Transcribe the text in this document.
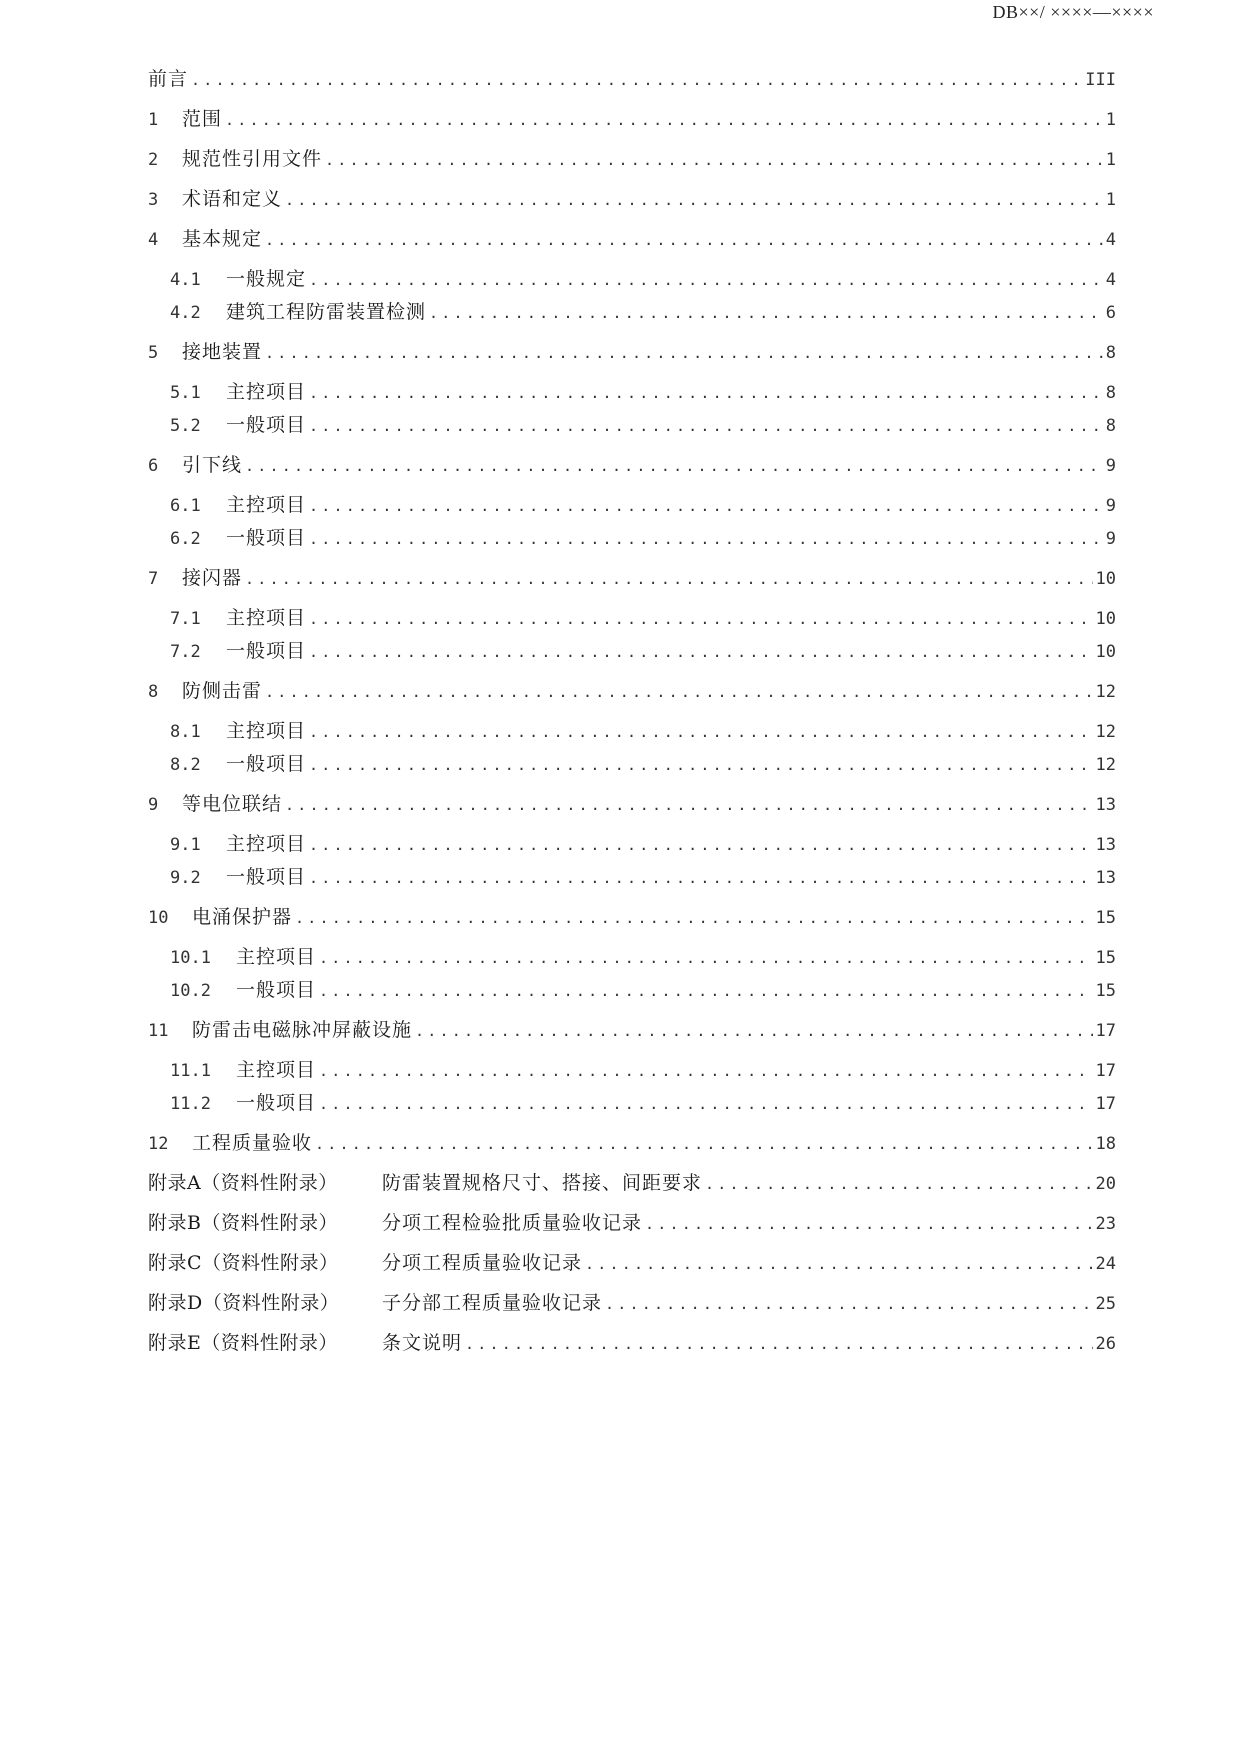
DB××/ ××××—××××
前言 .....	III
1	范围 .....	1
2	规范性引用文件 .....	1
3	术语和定义 .....	1
4	基本规定 .....	4
4.1	一般规定 .....	4
4.2	建筑工程防雷装置检测 .....	6
5	接地装置 .....	8
5.1	主控项目 .....	8
5.2	一般项目 .....	8
6	引下线 .....	9
6.1	主控项目 .....	9
6.2	一般项目 .....	9
7	接闪器 .....	10
7.1	主控项目 .....	10
7.2	一般项目 .....	10
8	防侧击雷 .....	12
8.1	主控项目 .....	12
8.2	一般项目 .....	12
9	等电位联结 .....	13
9.1	主控项目 .....	13
9.2	一般项目 .....	13
10	电涌保护器 .....	15
10.1	主控项目 .....	15
10.2	一般项目 .....	15
11	防雷击电磁脉冲屏蔽设施 .....	17
11.1	主控项目 .....	17
11.2	一般项目 .....	17
12	工程质量验收 .....	18
附录A（资料性附录）	防雷装置规格尺寸、搭接、间距要求 .....	20
附录B（资料性附录）	分项工程检验批质量验收记录 .....	23
附录C（资料性附录）	分项工程质量验收记录 .....	24
附录D（资料性附录）	子分部工程质量验收记录 .....	25
附录E（资料性附录）	条文说明 .....	26
